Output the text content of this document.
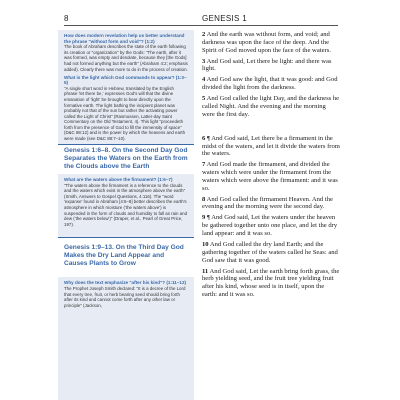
8	GENESIS 1
How does modern revelation help us better understand the phrase "without form and void"? (1:2)
The book of Abraham describes the state of the earth following its creation or "organization" by the Gods: "The earth, after it was formed, was empty and desolate, because they [the Gods] had not formed anything but the earth" (Abraham 4:2; emphasis added). Clearly there was more to do in the process of creation.
What is the light which God commands to appear? (1:3–5)
"A single short word in Hebrew, translated by the English phrase 'let there be,' expresses God's will that the divine emanation of 'light' be brought to bear directly upon the formative earth. The light bathing the incipient planet was probably not that of the sun but rather the activating power called the Light of Christ" (Rasmussen, Latter-day Saint Commentary on the Old Testament, 4). This light "proceedeth forth from the presence of God to fill the immensity of space" (D&C 88:12) and is the power by which the heavens and earth were made (see D&C 88:7–10).
Genesis 1:6–8. On the Second Day God Separates the Waters on the Earth from the Clouds above the Earth
What are the waters above the firmament? (1:6–7)
"The waters above the firmament is a reference to the clouds and the waters which exist in the atmosphere above the earth" (Smith, Answers to Gospel Questions, 4:116). The "word 'expanse' found in Abraham [4:6–8] better describes the earth's atmosphere in which moisture ('the waters above') is suspended in the form of clouds and humidity to fall as rain and dew ('the waters below')" (Draper, et al., Pearl of Great Price, 197).
Genesis 1:9–13. On the Third Day God Makes the Dry Land Appear and Causes Plants to Grow
Why does the text emphasize "after his kind"? (1:11–12)
The Prophet Joseph Smith declared: "It is a decree of the Lord that every tree, fruit, or herb bearing seed should bring forth after its kind and cannot come forth after any other law or principle" (Jackson,

2 And the earth was without form, and void; and darkness was upon the face of the deep. And the Spirit of God moved upon the face of the waters.

3 And God said, Let there be light: and there was light.

4 And God saw the light, that it was good: and God divided the light from the darkness.

5 And God called the light Day, and the darkness he called Night. And the evening and the morning were the first day.

6 ¶ And God said, Let there be a firmament in the midst of the waters, and let it divide the waters from the waters.

7 And God made the firmament, and divided the waters which were under the firmament from the waters which were above the firmament: and it was so.

8 And God called the firmament Heaven. And the evening and the morning were the second day.

9 ¶ And God said, Let the waters under the heaven be gathered together unto one place, and let the dry land appear: and it was so.

10 And God called the dry land Earth; and the gathering together of the waters called he Seas: and God saw that it was good.

11 And God said, Let the earth bring forth grass, the herb yielding seed, and the fruit tree yielding fruit after his kind, whose seed is in itself, upon the earth: and it was so.
